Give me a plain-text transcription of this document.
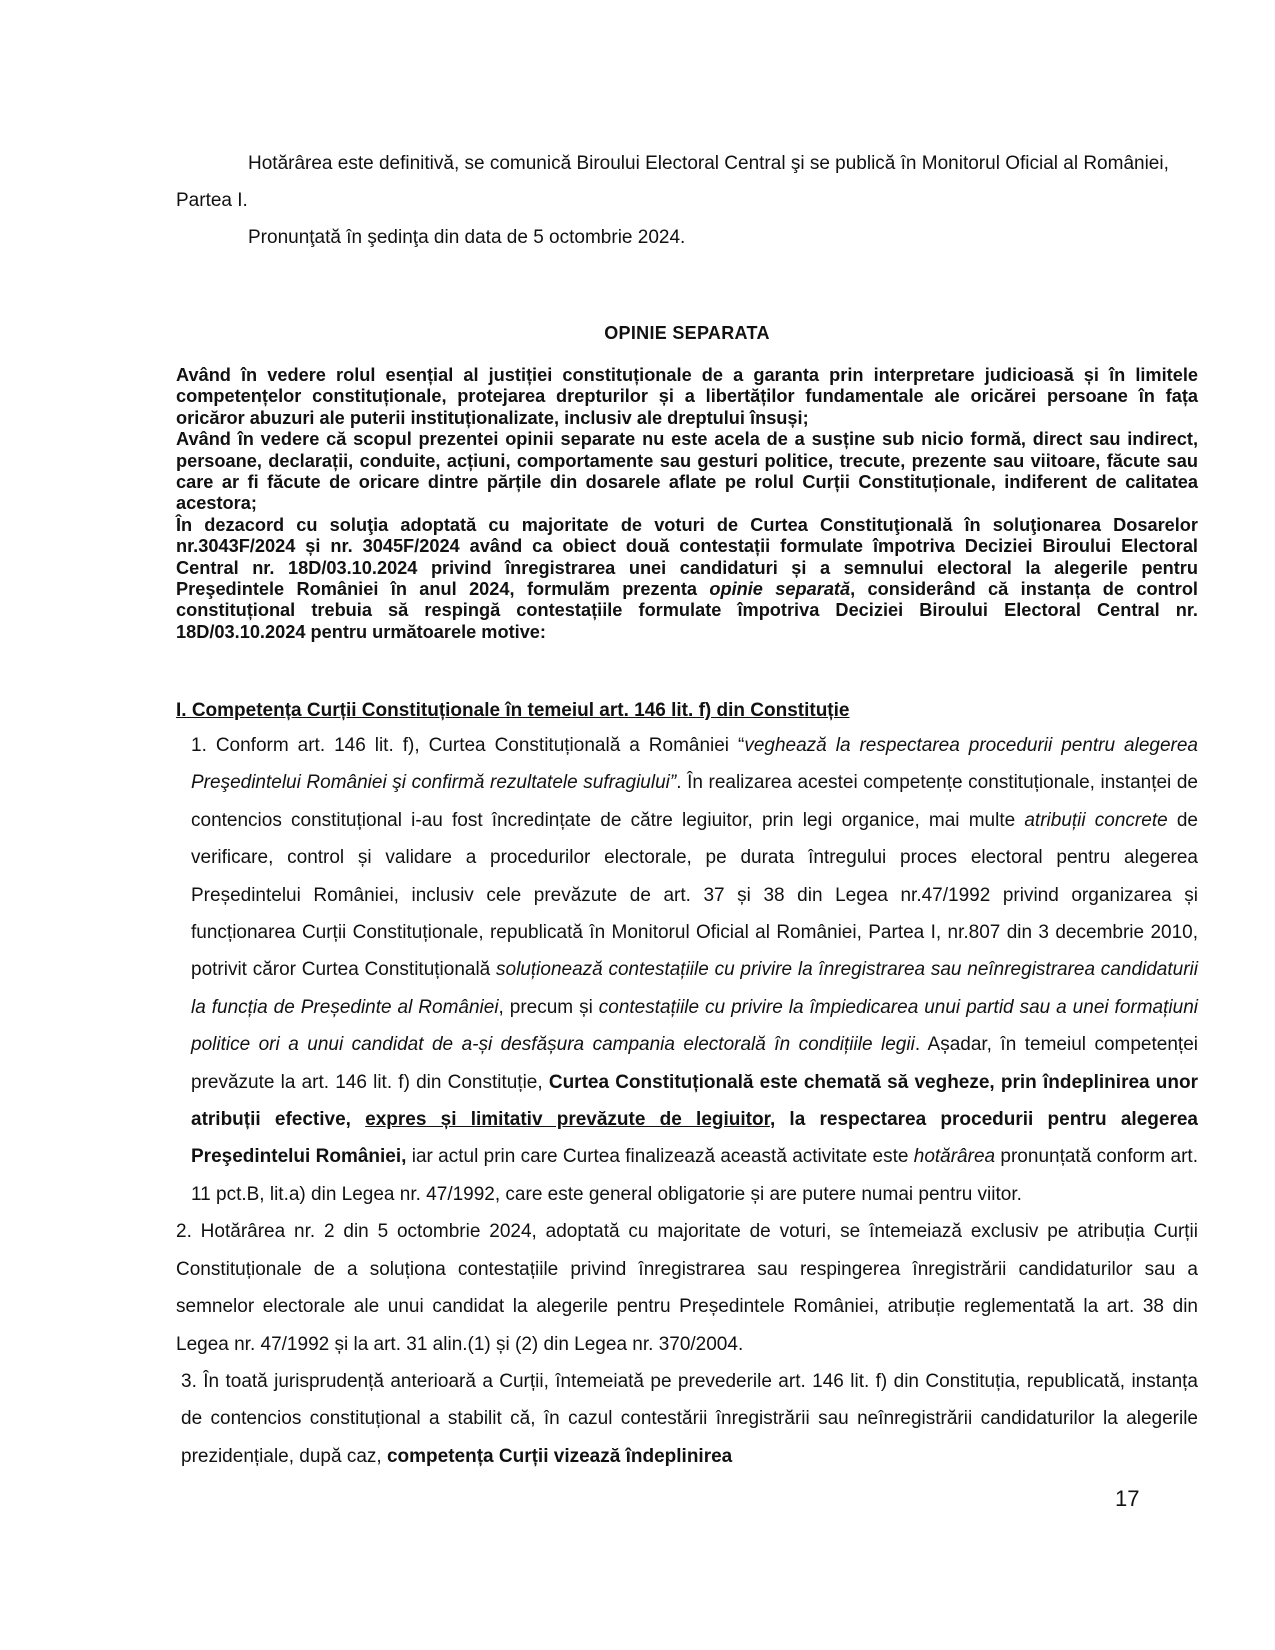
Hotărârea este definitivă, se comunică Biroului Electoral Central şi se publică în Monitorul Oficial al României, Partea I.

Pronunţată în şedinţa din data de 5 octombrie 2024.

OPINIE SEPARATA

Având în vedere rolul esențial al justiției constituționale de a garanta prin interpretare judicioasă și în limitele competențelor constituționale, protejarea drepturilor și a libertăților fundamentale ale oricărei persoane în fața oricăror abuzuri ale puterii instituționalizate, inclusiv ale dreptului însuși;

Având în vedere că scopul prezentei opinii separate nu este acela de a susține sub nicio formă, direct sau indirect, persoane, declarații, conduite, acțiuni, comportamente sau gesturi politice, trecute, prezente sau viitoare, făcute sau care ar fi făcute de oricare dintre părțile din dosarele aflate pe rolul Curții Constituționale, indiferent de calitatea acestora;

În dezacord cu soluţia adoptată cu majoritate de voturi de Curtea Constituţională în soluţionarea Dosarelor nr.3043F/2024 și nr. 3045F/2024 având ca obiect două contestații formulate împotriva Deciziei Biroului Electoral Central nr. 18D/03.10.2024 privind înregistrarea unei candidaturi și a semnului electoral la alegerile pentru Preşedintele României în anul 2024, formulăm prezenta opinie separată, considerând că instanța de control constituțional trebuia să respingă contestațiile formulate împotriva Deciziei Biroului Electoral Central nr. 18D/03.10.2024 pentru următoarele motive:

I. Competența Curții Constituționale în temeiul art. 146 lit. f) din Constituție

1. Conform art. 146 lit. f), Curtea Constituțională a României “veghează la respectarea procedurii pentru alegerea Preşedintelui României şi confirmă rezultatele sufragiului”. În realizarea acestei competențe constituționale, instanței de contencios constituțional i-au fost încredințate de către legiuitor, prin legi organice, mai multe atribuții concrete de verificare, control și validare a procedurilor electorale, pe durata întregului proces electoral pentru alegerea Președintelui României, inclusiv cele prevăzute de art. 37 și 38 din Legea nr.47/1992 privind organizarea și funcționarea Curții Constituționale, republicată în Monitorul Oficial al României, Partea I, nr.807 din 3 decembrie 2010, potrivit căror Curtea Constituțională soluționează contestațiile cu privire la înregistrarea sau neînregistrarea candidaturii la funcția de Președinte al României, precum și contestațiile cu privire la împiedicarea unui partid sau a unei formațiuni politice ori a unui candidat de a-și desfășura campania electorală în condițiile legii. Așadar, în temeiul competenței prevăzute la art. 146 lit. f) din Constituție, Curtea Constituțională este chemată să vegheze, prin îndeplinirea unor atribuții efective, expres și limitativ prevăzute de legiuitor, la respectarea procedurii pentru alegerea Preşedintelui României, iar actul prin care Curtea finalizează această activitate este hotărârea pronunțată conform art. 11 pct.B, lit.a) din Legea nr. 47/1992, care este general obligatorie și are putere numai pentru viitor.

2. Hotărârea nr. 2 din 5 octombrie 2024, adoptată cu majoritate de voturi, se întemeiază exclusiv pe atribuția Curții Constituționale de a soluționa contestațiile privind înregistrarea sau respingerea înregistrării candidaturilor sau a semnelor electorale ale unui candidat la alegerile pentru Președintele României, atribuție reglementată la art. 38 din Legea nr. 47/1992 și la art. 31 alin.(1) și (2) din Legea nr. 370/2004.

3. În toată jurisprudență anterioară a Curții, întemeiată pe prevederile art. 146 lit. f) din Constituția, republicată, instanța de contencios constituțional a stabilit că, în cazul contestării înregistrării sau neînregistrării candidaturilor la alegerile prezidențiale, după caz, competența Curții vizează îndeplinirea

17
